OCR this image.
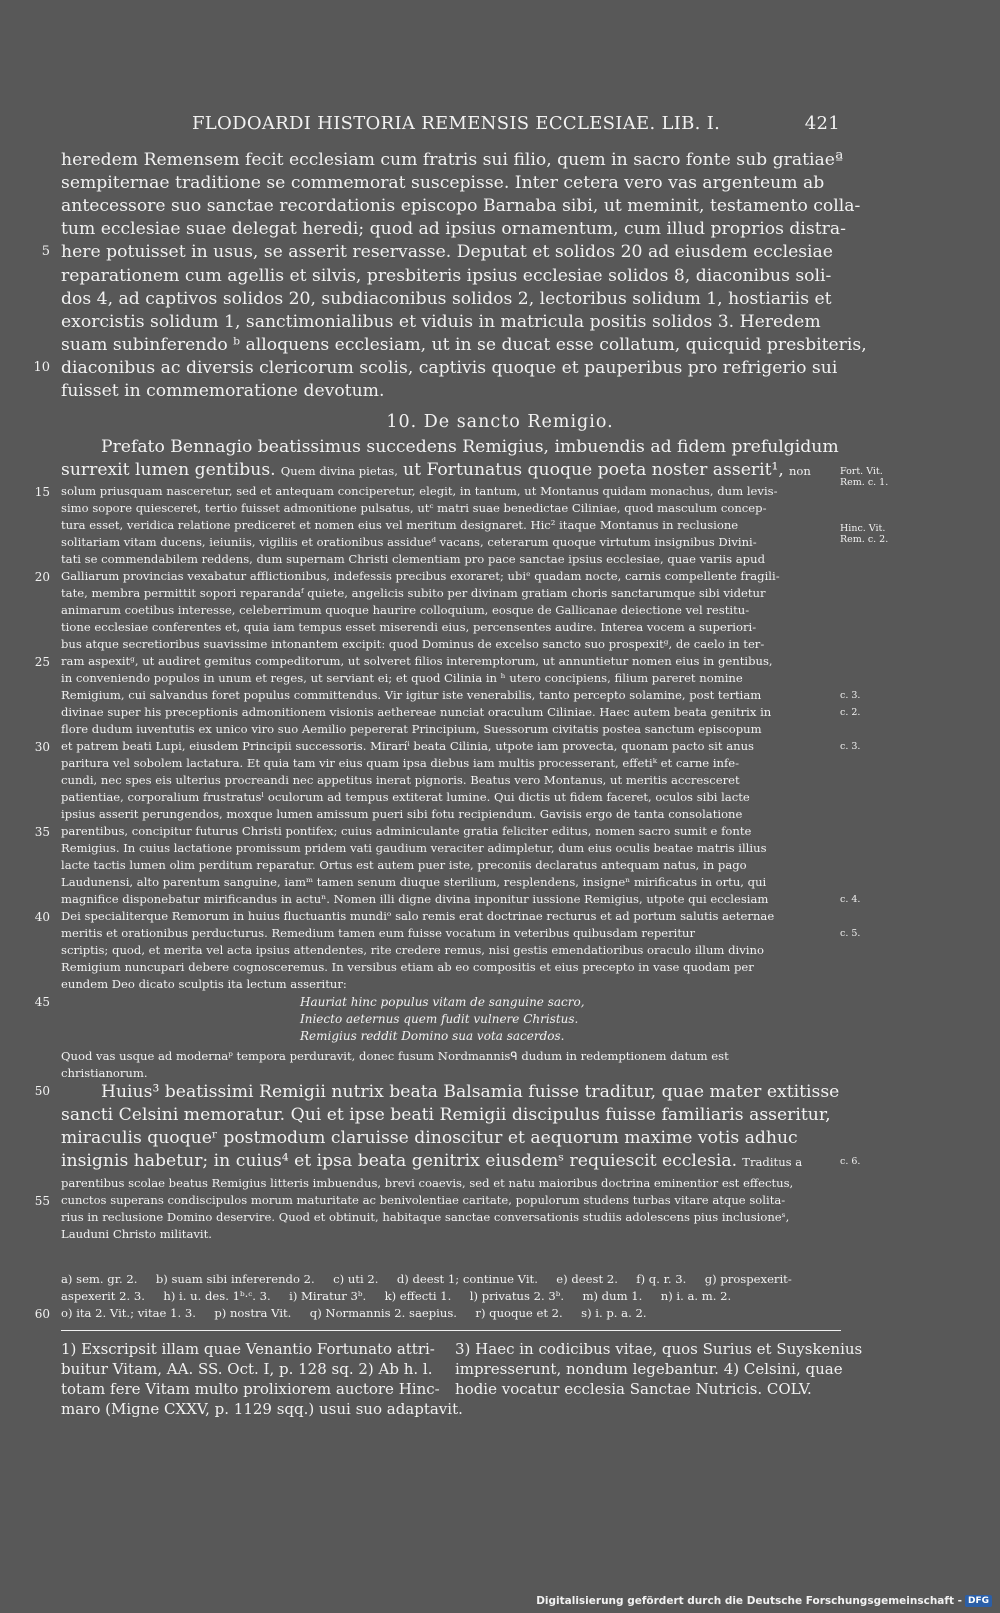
FLODOARDI HISTORIA REMENSIS ECCLESIAE. LIB. I.	421
heredem Remensem fecit ecclesiam cum fratris sui filio, quem in sacro fonte sub gratiaeª
sempiternae traditione se commemorat suscepisse. Inter cetera vero vas argenteum ab
antecessore suo sanctae recordationis episcopo Barnaba sibi, ut meminit, testamento colla-
tum ecclesiae suae delegat heredi; quod ad ipsius ornamentum, cum illud proprios distra-
here potuisset in usus, se asserit reservasse. Deputat et solidos 20 ad eiusdem ecclesiae
reparationem cum agellis et silvis, presbiteris ipsius ecclesiae solidos 8, diaconibus soli-
dos 4, ad captivos solidos 20, subdiaconibus solidos 2, lectoribus solidum 1, hostiariis et
exorcistis solidum 1, sanctimonialibus et viduis in matricula positis solidos 3. Heredem
suam subinferendo ᵇ alloquens ecclesiam, ut in se ducat esse collatum, quicquid presbiteris,
diaconibus ac diversis clericorum scolis, captivis quoque et pauperibus pro refrigerio sui
fuisset in commemoratione devotum.
10. De sancto Remigio.
Prefato Bennagio beatissimus succedens Remigius, imbuendis ad fidem prefulgidum
surrexit lumen gentibus. Quem divina pietas, ut Fortunatus quoque poeta noster asserit¹, non
solum priusquam nasceretur, sed et antequam conciperetur, elegit, in tantum, ut Montanus quidam monachus, dum levis-
simo sopore quiesceret, tertio fuisset admonitione pulsatus, utᶜ matri suae benedictae Ciliniae, quod masculum concep-
tura esset, veridica relatione prediceret et nomen eius vel meritum designaret. Hic² itaque Montanus in reclusione
solitariam vitam ducens, ieiuniis, vigiliis et orationibus assidueᵈ vacans, ceterarum quoque virtutum insignibus Divini-
tati se commendabilem reddens, dum supernam Christi clementiam pro pace sanctae ipsius ecclesiae, quae variis apud
Galliarum provincias vexabatur afflictionibus, indefessis precibus exoraret; ubiᵉ quadam nocte, carnis compellente fragili-
tate, membra permittit sopori reparandaᶠ quiete, angelicis subito per divinam gratiam choris sanctarumque sibi videtur
animarum coetibus interesse, celeberrimum quoque haurire colloquium, eosque de Gallicanae deiectione vel restitu-
tione ecclesiae conferentes et, quia iam tempus esset miserendi eius, percensentes audire. Interea vocem a superiori-
bus atque secretioribus suavissime intonantem excipit: quod Dominus de excelso sancto suo prospexitᵍ, de caelo in ter-
ram aspexitᵍ, ut audiret gemitus compeditorum, ut solveret filios interemptorum, ut annuntietur nomen eius in gentibus,
in conveniendo populos in unum et reges, ut serviant ei; et quod Cilinia in ʰ utero concipiens, filium pareret nomine
Remigium, cui salvandus foret populus committendus. Vir igitur iste venerabilis, tanto percepto solamine, post tertiam
divinae super his preceptionis admonitionem visionis aethereae nunciat oraculum Ciliniae. Haec autem beata genitrix in
flore dudum iuventutis ex unico viro suo Aemilio pepererat Principium, Suessorum civitatis postea sanctum episcopum
et patrem beati Lupi, eiusdem Principii successoris. Miraríⁱ beata Cilinia, utpote iam provecta, quonam pacto sit anus
paritura vel sobolem lactatura. Et quia tam vir eius quam ipsa diebus iam multis processerant, effetiᵏ et carne infe-
cundi, nec spes eis ulterius procreandi nec appetitus inerat pignoris. Beatus vero Montanus, ut meritis accresceret
patientiae, corporalium frustratusˡ oculorum ad tempus extiterat lumine. Qui dictis ut fidem faceret, oculos sibi lacte
ipsius asserit perungendos, moxque lumen amissum pueri sibi fotu recipiendum. Gavisis ergo de tanta consolatione
parentibus, concipitur futurus Christi pontifex; cuius adminiculante gratia feliciter editus, nomen sacro sumit e fonte
Remigius. In cuius lactatione promissum pridem vati gaudium veraciter adimpletur, dum eius oculis beatae matris illius
lacte tactis lumen olim perditum reparatur. Ortus est autem puer iste, preconiis declaratus antequam natus, in pago
Laudunensi, alto parentum sanguine, iamᵐ tamen senum diuque sterilium, resplendens, insigneⁿ mirificatus in ortu, qui
magnifice disponebatur mirificandus in actuⁿ. Nomen illi digne divina inponitur iussione Remigius, utpote qui ecclesiam
Dei specialiterque Remorum in huius fluctuantis mundiᵒ salo remis erat doctrinae recturus et ad portum salutis aeternae
meritis et orationibus perducturus. Remedium tamen eum fuisse vocatum in veteribus quibusdam reperitur
scriptis; quod, et merita vel acta ipsius attendentes, rite credere remus, nisi gestis emendatioribus oraculo illum divino
Remigium nuncupari debere cognosceremus. In versibus etiam ab eo compositis et eius precepto in vase quodam per
eundem Deo dicato sculptis ita lectum asseritur:
Hauriat hinc populus vitam de sanguine sacro,
Iniecto aeternus quem fudit vulnere Christus.
Remigius reddit Domino sua vota sacerdos.
Quod vas usque ad modernaᵖ tempora perduravit, donec fusum Nordmannisᑫ dudum in redemptionem datum est
christianorum.
Huius³ beatissimi Remigii nutrix beata Balsamia fuisse traditur, quae mater extitisse
sancti Celsini memoratur. Qui et ipse beati Remigii discipulus fuisse familiaris asseritur,
miraculis quoqueʳ postmodum claruisse dinoscitur et aequorum maxime votis adhuc
insignis habetur; in cuius⁴ et ipsa beata genitrix eiusdemˢ requiescit ecclesia. Traditus a
parentibus scolae beatus Remigius litteris imbuendus, brevi coaevis, sed et natu maioribus doctrina eminentior est effectus,
cunctos superans condiscipulos morum maturitate ac benivolentiae caritate, populorum studens turbas vitare atque solita-
rius in reclusione Domino deservire. Quod et obtinuit, habitaque sanctae conversationis studiis adolescens pius inclusioneˢ,
Lauduni Christo militavit.
a) sem. gr. 2.     b) suam sibi infererendo 2.     c) uti 2.     d) deest 1; continue Vit.     e) deest 2.     f) q. r. 3.     g) prospexerit-
aspexerit 2. 3.     h) i. u. des. 1ᵇ·ᶜ. 3.     i) Miratur 3ᵇ.     k) effecti 1.     l) privatus 2. 3ᵇ.     m) dum 1.     n) i. a. m. 2.
o) ita 2. Vit.; vitae 1. 3.     p) nostra Vit.     q) Normannis 2. saepius.     r) quoque et 2.     s) i. p. a. 2.
1) Exscripsit illam quae Venantio Fortunato attri-
buitur Vitam, AA. SS. Oct. I, p. 128 sq. 2) Ab h. l.
totam fere Vitam multo prolixiorem auctore Hinc-
maro (Migne CXXV, p. 1129 sqq.) usui suo adaptavit.
3) Haec in codicibus vitae, quos Surius et Suyskenius
impresserunt, nondum legebantur. 4) Celsini, quae
hodie vocatur ecclesia Sanctae Nutricis. COLV.
5
10
15
20
25
30
35
40
45
50
55
60
Fort. Vit.
Rem. c. 1.
Hinc. Vit.
Rem. c. 2.
c. 3.
c. 2.
c. 3.
c. 4.
c. 5.
c. 6.
Digitalisierung gefördert durch die Deutsche Forschungsgemeinschaft - DFG
